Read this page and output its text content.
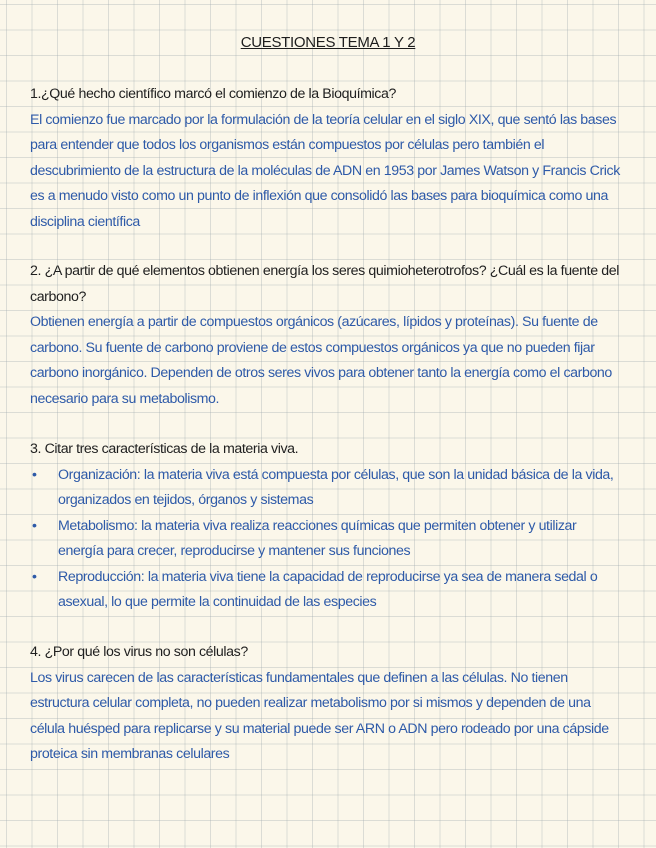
CUESTIONES TEMA 1 Y 2

1.¿Qué hecho científico marcó el comienzo de la Bioquímica?

El comienzo fue marcado por la formulación de la teoría celular en el siglo XIX, que sentó las bases para entender que todos los organismos están compuestos por células pero también el descubrimiento de la estructura de la moléculas de ADN en 1953 por James Watson y Francis Crick es a menudo visto como un punto de inflexión que consolidó las bases para bioquímica como una disciplina científica

2. ¿A partir de qué elementos obtienen energía los seres quimioheterotrofos? ¿Cuál es la fuente del carbono?

Obtienen energía a partir de compuestos orgánicos (azúcares, lípidos y proteínas). Su fuente de carbono. Su fuente de carbono proviene de estos compuestos orgánicos ya que no pueden fijar carbono inorgánico. Dependen de otros seres vivos para obtener tanto la energía como el carbono necesario para su metabolismo.

3. Citar tres características de la materia viva.

• Organización: la materia viva está compuesta por células, que son la unidad básica de la vida, organizados en tejidos, órganos y sistemas
• Metabolismo: la materia viva realiza reacciones químicas que permiten obtener y utilizar energía para crecer, reproducirse y mantener sus funciones
• Reproducción: la materia viva tiene la capacidad de reproducirse ya sea de manera sedal o asexual, lo que permite la continuidad de las especies

4. ¿Por qué los virus no son células?

Los virus carecen de las características fundamentales que definen a las células. No tienen estructura celular completa, no pueden realizar metabolismo por si mismos y dependen de una célula huésped para replicarse y su material puede ser ARN o ADN pero rodeado por una cápside proteica sin membranas celulares
